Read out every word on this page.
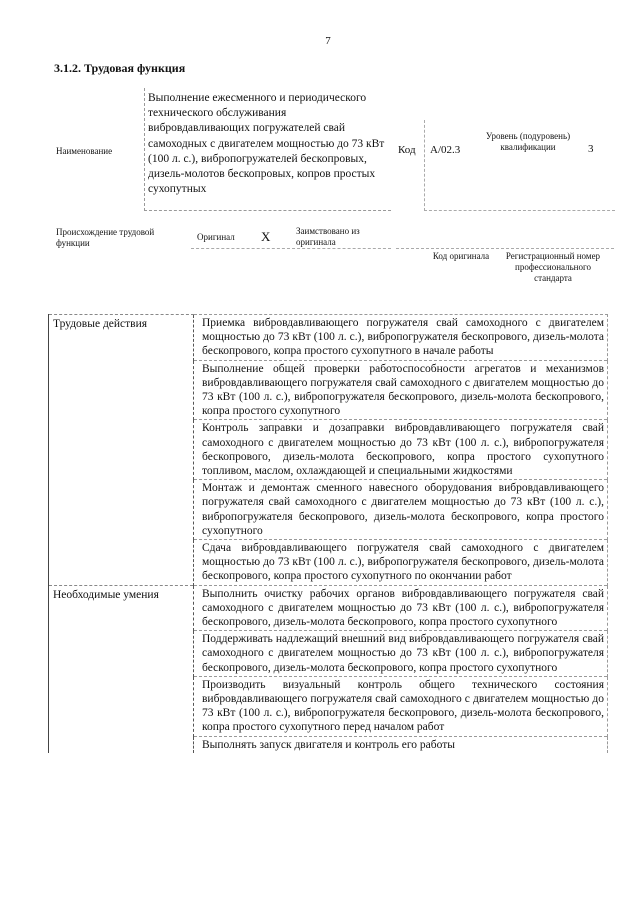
7
3.1.2. Трудовая функция
Наименование
Выполнение ежесменного и периодического технического обслуживания вибровдавливающих погружателей свай самоходных с двигателем мощностью до 73 кВт (100 л. с.), вибропогружателей бескопровых, дизель-молотов бескопровых, копров простых сухопутных
Код А/02.3
Уровень (подуровень) квалификации	3
Происхождение трудовой функции
Оригинал X	Заимствовано из оригинала
Код оригинала	Регистрационный номер профессионального стандарта
Трудовые действия	Приемка вибровдавливающего погружателя свай самоходного с двигателем мощностью до 73 кВт (100 л. с.), вибропогружателя бескопрового, дизель-молота бескопрового, копра простого сухопутного в начале работы
	Выполнение общей проверки работоспособности агрегатов и механизмов вибровдавливающего погружателя свай самоходного с двигателем мощностью до 73 кВт (100 л. с.), вибропогружателя бескопрового, дизель-молота бескопрового, копра простого сухопутного
	Контроль заправки и дозаправки вибровдавливающего погружателя свай самоходного с двигателем мощностью до 73 кВт (100 л. с.), вибропогружателя бескопрового, дизель-молота бескопрового, копра простого сухопутного топливом, маслом, охлаждающей и специальными жидкостями
	Монтаж и демонтаж сменного навесного оборудования вибровдавливающего погружателя свай самоходного с двигателем мощностью до 73 кВт (100 л. с.), вибропогружателя бескопрового, дизель-молота бескопрового, копра простого сухопутного
	Сдача вибровдавливающего погружателя свай самоходного с двигателем мощностью до 73 кВт (100 л. с.), вибропогружателя бескопрового, дизель-молота бескопрового, копра простого сухопутного по окончании работ
Необходимые умения	Выполнить очистку рабочих органов вибровдавливающего погружателя свай самоходного с двигателем мощностью до 73 кВт (100 л. с.), вибропогружателя бескопрового, дизель-молота бескопрового, копра простого сухопутного
	Поддерживать надлежащий внешний вид вибровдавливающего погружателя свай самоходного с двигателем мощностью до 73 кВт (100 л. с.), вибропогружателя бескопрового, дизель-молота бескопрового, копра простого сухопутного
	Производить визуальный контроль общего технического состояния вибровдавливающего погружателя свай самоходного с двигателем мощностью до 73 кВт (100 л. с.), вибропогружателя бескопрового, дизель-молота бескопрового, копра простого сухопутного перед началом работ
	Выполнять запуск двигателя и контроль его работы
